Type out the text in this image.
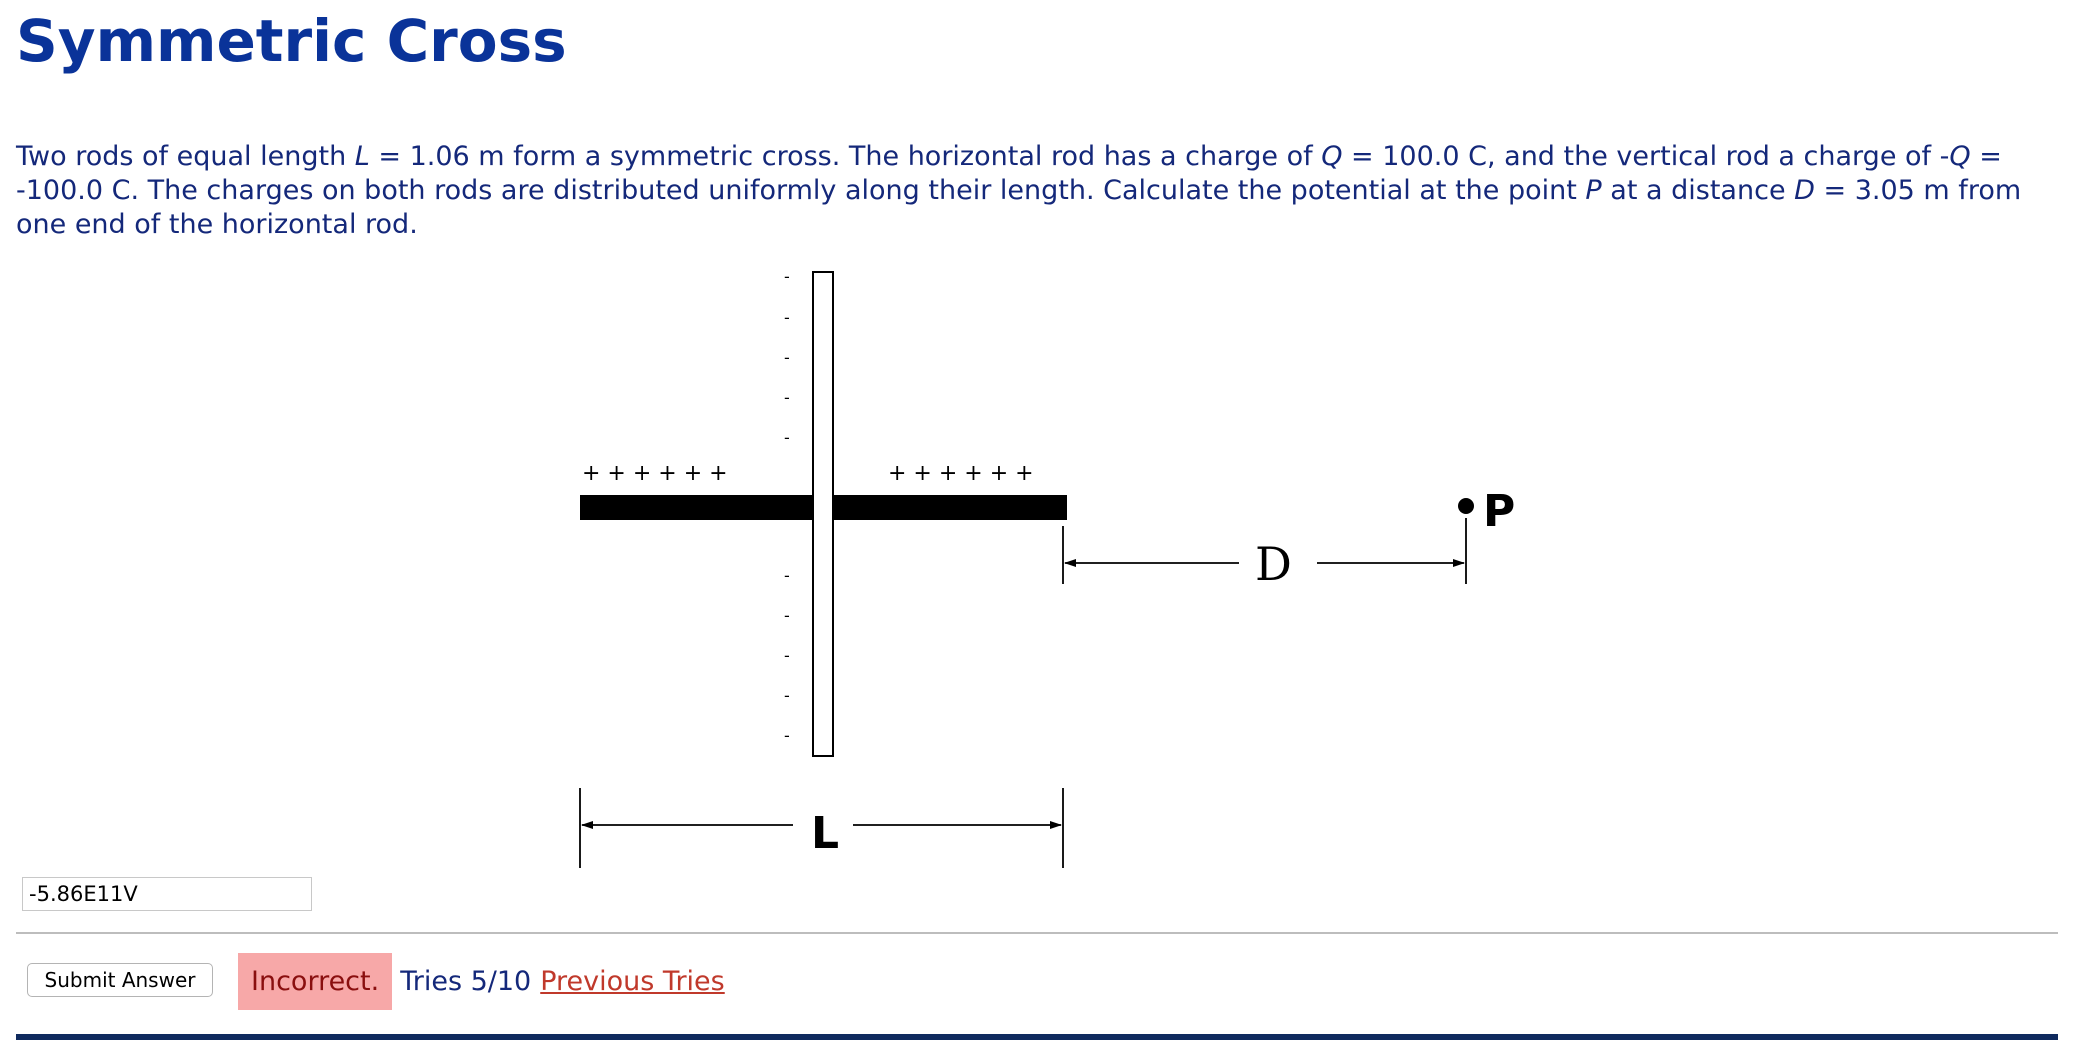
Symmetric Cross
Two rods of equal length L = 1.06 m form a symmetric cross. The horizontal rod has a charge of Q = 100.0 C, and the vertical rod a charge of -Q = -100.0 C. The charges on both rods are distributed uniformly along their length. Calculate the potential at the point P at a distance D = 3.05 m from one end of the horizontal rod.
+ + + + + +	+ + + + + +
-
-
-
-
-
-
-
-
-
-
P
D
L
-5.86E11V
Submit Answer	Incorrect. Tries 5/10 Previous Tries
